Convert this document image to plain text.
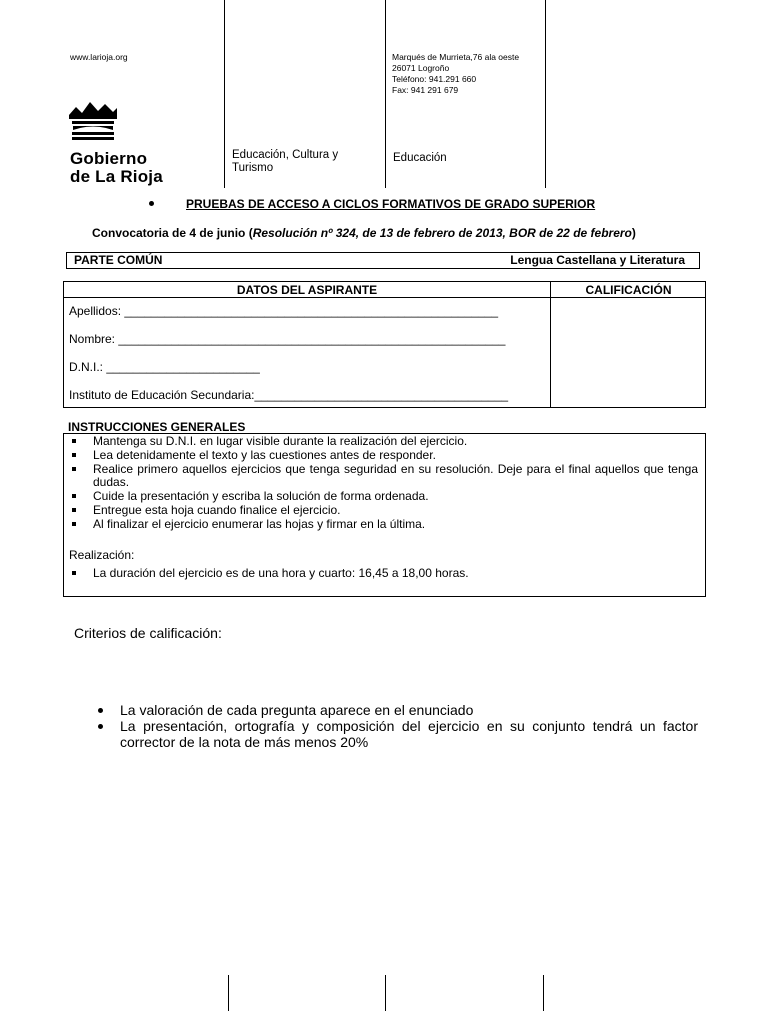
www.larioja.org
Gobierno
de La Rioja
Educación, Cultura y
Turismo
Educación
Marqués de Murrieta,76 ala oeste
26071 Logroño
Teléfono: 941.291 660
Fax: 941 291 679
PRUEBAS DE ACCESO A CICLOS FORMATIVOS DE GRADO SUPERIOR
Convocatoria de 4 de junio (Resolución nº 324, de 13 de febrero de 2013, BOR de 22 de febrero)
PARTE COMÚN	Lengua Castellana y Literatura
DATOS DEL ASPIRANTE	CALIFICACIÓN
Apellidos: ________________________________________________________
Nombre: __________________________________________________________
D.N.I.: _______________________
Instituto de Educación Secundaria:______________________________________
INSTRUCCIONES GENERALES
Mantenga su D.N.I. en lugar visible durante la realización del ejercicio.
Lea detenidamente el texto y las cuestiones antes de responder.
Realice primero aquellos ejercicios que tenga seguridad en su resolución. Deje para el final aquellos que tenga dudas.
Cuide la presentación y escriba la solución de forma ordenada.
Entregue esta hoja cuando finalice el ejercicio.
Al finalizar el ejercicio enumerar las hojas y firmar en la última.
Realización:
La duración del ejercicio es de una hora y cuarto: 16,45 a 18,00 horas.
Criterios de calificación:
La valoración de cada pregunta aparece en el enunciado
La presentación, ortografía y composición del ejercicio en su conjunto tendrá un factor corrector de la nota de más menos 20%
